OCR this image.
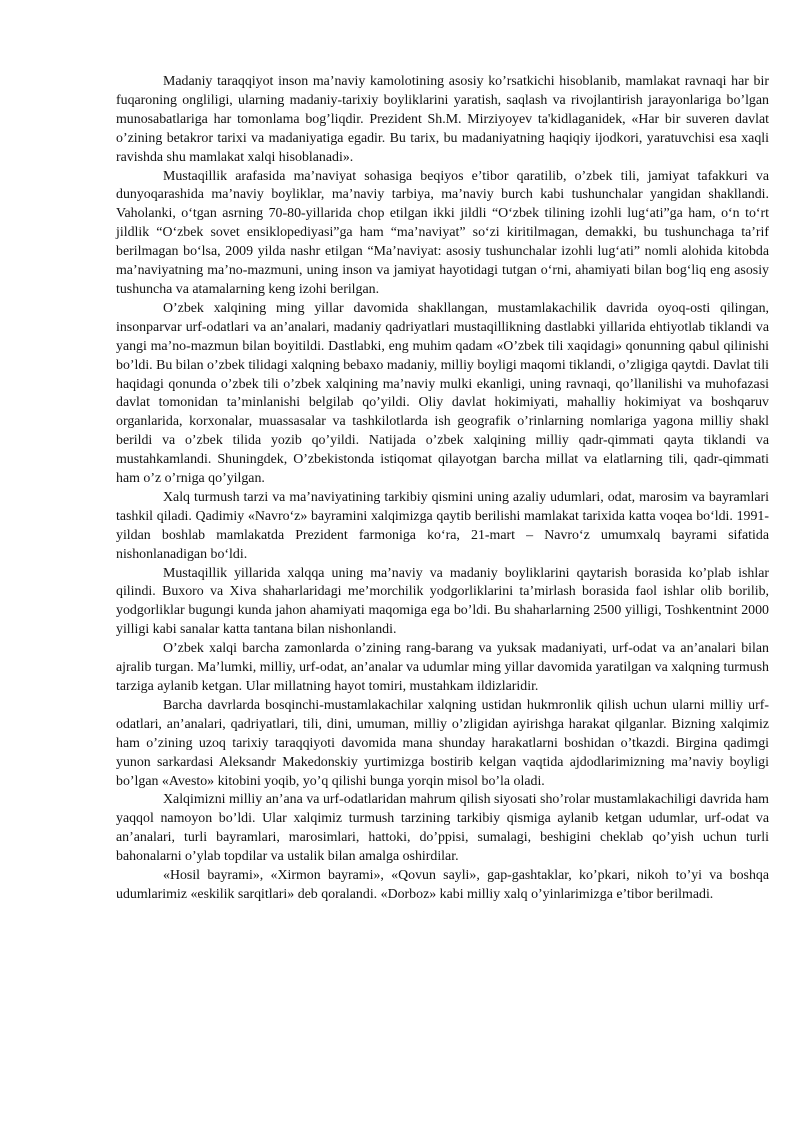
Madaniy taraqqiyot inson ma’naviy kamolotining asosiy ko’rsatkichi hisoblanib, mamlakat ravnaqi har bir fuqaroning ongliligi, ularning madaniy-tarixiy boyliklarini yaratish, saqlash va rivojlantirish jarayonlariga bo’lgan munosabatlariga har tomonlama bog’liqdir. Prezident Sh.M. Mirziyoyev ta'kidlaganidek, «Har bir suveren davlat o’zining betakror tarixi va madaniyatiga egadir. Bu tarix, bu madaniyatning haqiqiy ijodkori, yaratuvchisi esa xaqli ravishda shu mamlakat xalqi hisoblanadi».

Mustaqillik arafasida ma’naviyat sohasiga beqiyos e’tibor qaratilib, o’zbek tili, jamiyat tafakkuri va dunyoqarashida ma’naviy boyliklar, ma’naviy tarbiya, ma’naviy burch kabi tushunchalar yangidan shakllandi. Vaholanki, o‘tgan asrning 70-80-yillarida chop etilgan ikki jildli “O‘zbek tilining izohli lug‘ati”ga ham, o‘n to‘rt jildlik “O‘zbek sovet ensiklopediyasi”ga ham “ma’naviyat” so‘zi kiritilmagan, demakki, bu tushunchaga ta’rif berilmagan bo‘lsa, 2009 yilda nashr etilgan “Ma’naviyat: asosiy tushunchalar izohli lug‘ati” nomli alohida kitobda ma’naviyatning ma’no-mazmuni, uning inson va jamiyat hayotidagi tutgan o‘rni, ahamiyati bilan bog‘liq eng asosiy tushuncha va atamalarning keng izohi berilgan.

O’zbek xalqining ming yillar davomida shakllangan, mustamlakachilik davrida oyoq-osti qilingan, insonparvar urf-odatlari va an’analari, madaniy qadriyatlari mustaqillikning dastlabki yillarida ehtiyotlab tiklandi va yangi ma’no-mazmun bilan boyitildi. Dastlabki, eng muhim qadam «O’zbek tili xaqidagi» qonunning qabul qilinishi bo’ldi. Bu bilan o’zbek tilidagi xalqning bebaxo madaniy, milliy boyligi maqomi tiklandi, o’zligiga qaytdi. Davlat tili haqidagi qonunda o’zbek tili o’zbek xalqining ma’naviy mulki ekanligi, uning ravnaqi, qo’llanilishi va muhofazasi davlat tomonidan ta’minlanishi belgilab qo’yildi. Oliy davlat hokimiyati, mahalliy hokimiyat va boshqaruv organlarida, korxonalar, muassasalar va tashkilotlarda ish geografik o’rinlarning nomlariga yagona milliy shakl berildi va o’zbek tilida yozib qo’yildi. Natijada o’zbek xalqining milliy qadr-qimmati qayta tiklandi va mustahkamlandi. Shuningdek, O’zbekistonda istiqomat qilayotgan barcha millat va elatlarning tili, qadr-qimmati ham o’z o’rniga qo’yilgan.

Xalq turmush tarzi va ma’naviyatining tarkibiy qismini uning azaliy udumlari, odat, marosim va bayramlari tashkil qiladi. Qadimiy «Navro‘z» bayramini xalqimizga qaytib berilishi mamlakat tarixida katta voqea bo‘ldi. 1991-yildan boshlab mamlakatda Prezident farmoniga ko‘ra, 21-mart – Navro‘z umumxalq bayrami sifatida nishonlanadigan bo‘ldi.

Mustaqillik yillarida xalqqa uning ma’naviy va madaniy boyliklarini qaytarish borasida ko’plab ishlar qilindi. Buxoro va Xiva shaharlaridagi me’morchilik yodgorliklarini ta’mirlash borasida faol ishlar olib borilib, yodgorliklar bugungi kunda jahon ahamiyati maqomiga ega bo’ldi. Bu shaharlarning 2500 yilligi, Toshkentnint 2000 yilligi kabi sanalar katta tantana bilan nishonlandi.

O’zbek xalqi barcha zamonlarda o’zining rang-barang va yuksak madaniyati, urf-odat va an’analari bilan ajralib turgan. Ma’lumki, milliy, urf-odat, an’analar va udumlar ming yillar davomida yaratilgan va xalqning turmush tarziga aylanib ketgan. Ular millatning hayot tomiri, mustahkam ildizlaridir.

Barcha davrlarda bosqinchi-mustamlakachilar xalqning ustidan hukmronlik qilish uchun ularni milliy urf-odatlari, an’analari, qadriyatlari, tili, dini, umuman, milliy o’zligidan ayirishga harakat qilganlar. Bizning xalqimiz ham o’zining uzoq tarixiy taraqqiyoti davomida mana shunday harakatlarni boshidan o’tkazdi. Birgina qadimgi yunon sarkardasi Aleksandr Makedonskiy yurtimizga bostirib kelgan vaqtida ajdodlarimizning ma’naviy boyligi bo’lgan «Avesto» kitobini yoqib, yo’q qilishi bunga yorqin misol bo’la oladi.

Xalqimizni milliy an’ana va urf-odatlaridan mahrum qilish siyosati sho’rolar mustamlakachiligi davrida ham yaqqol namoyon bo’ldi. Ular xalqimiz turmush tarzining tarkibiy qismiga aylanib ketgan udumlar, urf-odat va an’analari, turli bayramlari, marosimlari, hattoki, do’ppisi, sumalagi, beshigini cheklab qo’yish uchun turli bahonalarni o’ylab topdilar va ustalik bilan amalga oshirdilar.

«Hosil bayrami», «Xirmon bayrami», «Qovun sayli», gap-gashtaklar, ko’pkari, nikoh to’yi va boshqa udumlarimiz «eskilik sarqitlari» deb qoralandi. «Dorboz» kabi milliy xalq o’yinlarimizga e’tibor berilmadi.
